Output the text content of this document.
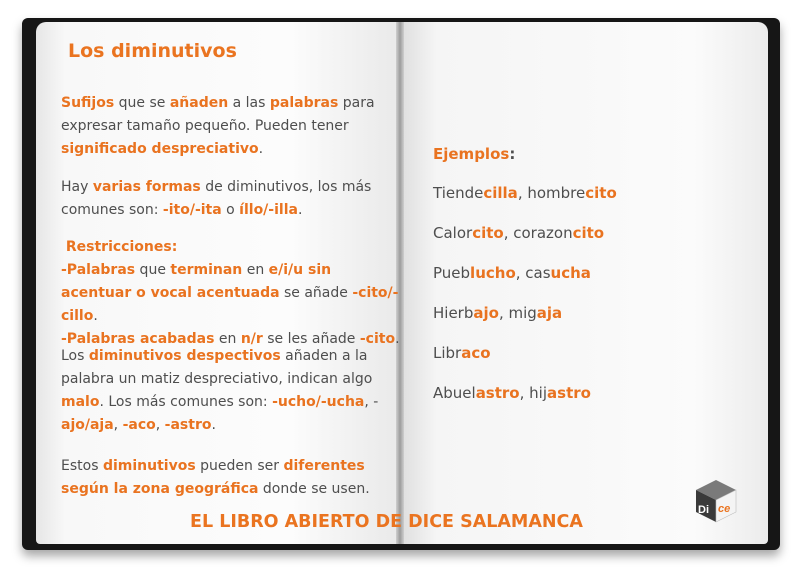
Los diminutivos
Sufijos que se añaden a las palabras para expresar tamaño pequeño. Pueden tener significado despreciativo.
Hay varias formas de diminutivos, los más comunes son: -ito/-ita o íllo/-illa.
Restricciones:
-Palabras que terminan en e/i/u sin acentuar o vocal acentuada se añade -cito/-cillo.
-Palabras acabadas en n/r se les añade -cito.
Los diminutivos despectivos añaden a la palabra un matiz despreciativo, indican algo malo. Los más comunes son: -ucho/-ucha, -ajo/aja, -aco, -astro.
Estos diminutivos pueden ser diferentes según la zona geográfica donde se usen.
Ejemplos:
Tiendecilla, hombrecito
Calorcito, corazoncito
Pueblucho, casucha
Hierbajo, migaja
Libraco
Abuelastro, hijastro
EL LIBRO ABIERTO DE DICE SALAMANCA
Di ce
